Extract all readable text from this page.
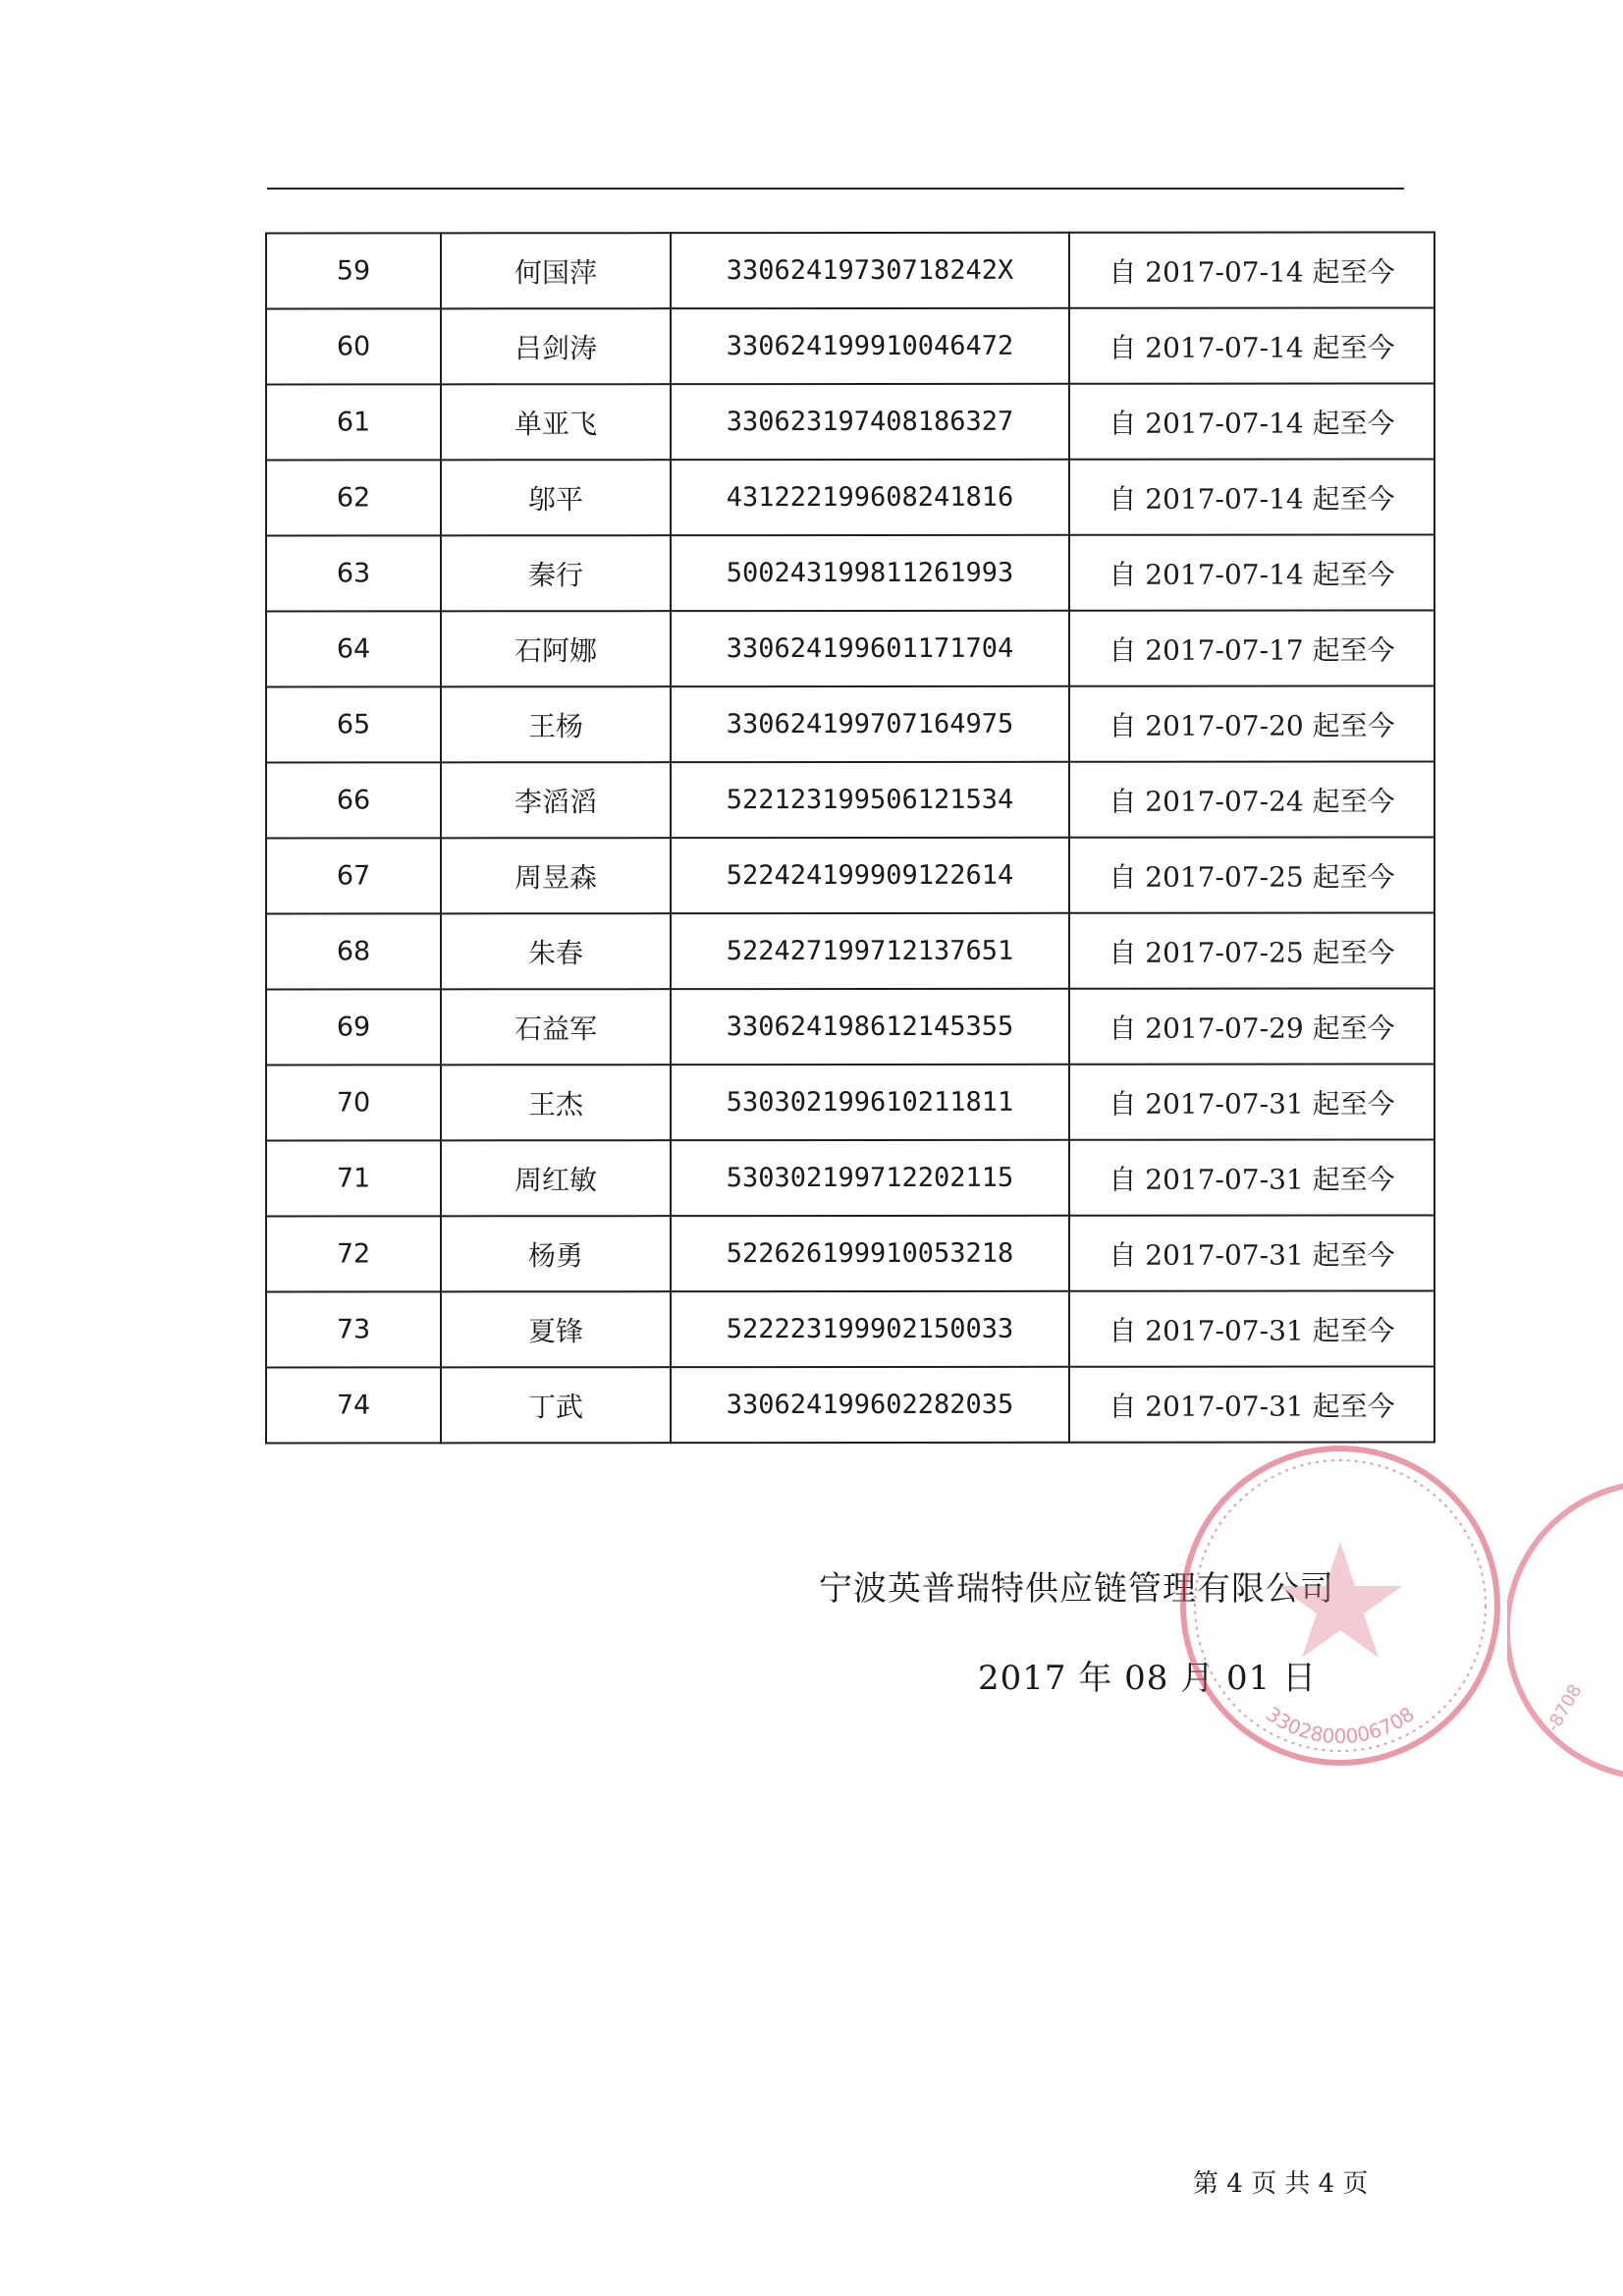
59	何国萍	33062419730718242X	自 2017-07-14 起至今
60	吕剑涛	330624199910046472	自 2017-07-14 起至今
61	单亚飞	330623197408186327	自 2017-07-14 起至今
62	邬平	431222199608241816	自 2017-07-14 起至今
63	秦行	500243199811261993	自 2017-07-14 起至今
64	石阿娜	330624199601171704	自 2017-07-17 起至今
65	王杨	330624199707164975	自 2017-07-20 起至今
66	李滔滔	522123199506121534	自 2017-07-24 起至今
67	周昱森	522424199909122614	自 2017-07-25 起至今
68	朱春	522427199712137651	自 2017-07-25 起至今
69	石益军	330624198612145355	自 2017-07-29 起至今
70	王杰	530302199610211811	自 2017-07-31 起至今
71	周红敏	530302199712202115	自 2017-07-31 起至今
72	杨勇	522626199910053218	自 2017-07-31 起至今
73	夏锋	522223199902150033	自 2017-07-31 起至今
74	丁武	330624199602282035	自 2017-07-31 起至今
宁波英普瑞特供应链管理有限公司
2017 年 08 月 01 日
3302800006708	-8708
第 4 页 共 4 页
